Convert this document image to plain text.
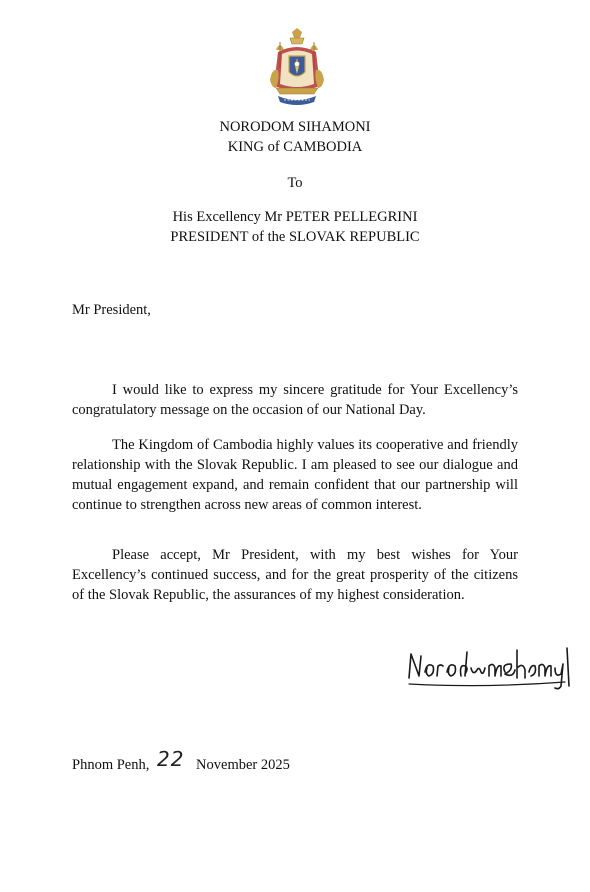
NORODOM SIHAMONI
KING of CAMBODIA
To
His Excellency Mr PETER PELLEGRINI
PRESIDENT of the SLOVAK REPUBLIC
Mr President,

I would like to express my sincere gratitude for Your Excellency’s congratulatory message on the occasion of our National Day.

The Kingdom of Cambodia highly values its cooperative and friendly relationship with the Slovak Republic. I am pleased to see our dialogue and mutual engagement expand, and remain confident that our partnership will continue to strengthen across new areas of common interest.

Please accept, Mr President, with my best wishes for Your Excellency’s continued success, and for the great prosperity of the citizens of the Slovak Republic, the assurances of my highest consideration.

Phnom Penh, 22 November 2025
